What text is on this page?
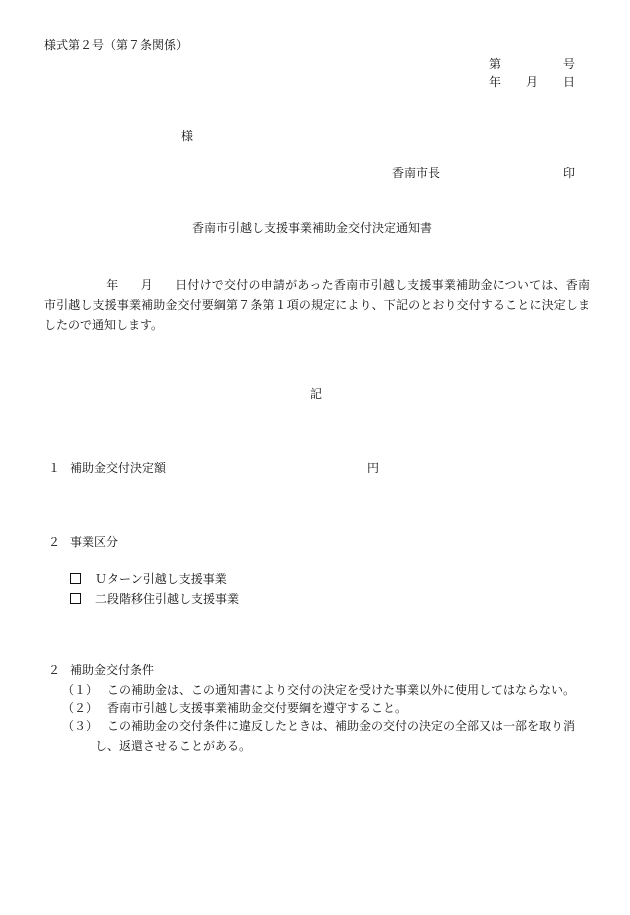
様式第２号（第７条関係）
第	号
年 月 日
様
香南市長	印
香南市引越し支援事業補助金交付決定通知書
年 月 日付けで交付の申請があった香南市引越し支援事業補助金については、香南市引越し支援事業補助金交付要綱第７条第１項の規定により、下記のとおり交付することに決定しましたので通知します。
記
１ 補助金交付決定額	円
２ 事業区分
Ｕターン引越し支援事業
二段階移住引越し支援事業
２ 補助金交付条件
（１） この補助金は、この通知書により交付の決定を受けた事業以外に使用してはならない。
（２） 香南市引越し支援事業補助金交付要綱を遵守すること。
（３） この補助金の交付条件に違反したときは、補助金の交付の決定の全部又は一部を取り消し、返還させることがある。
